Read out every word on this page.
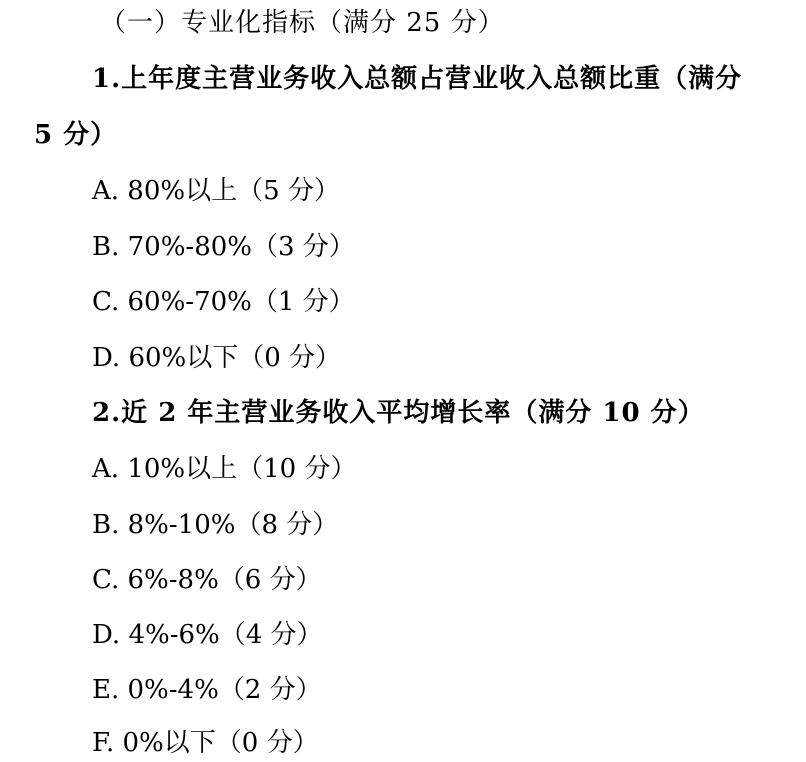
（一）专业化指标（满分 25 分）
1.上年度主营业务收入总额占营业收入总额比重（满分
5 分）
A. 80%以上（5 分）
B. 70%-80%（3 分）
C. 60%-70%（1 分）
D. 60%以下（0 分）
2.近 2 年主营业务收入平均增长率（满分 10 分）
A. 10%以上（10 分）
B. 8%-10%（8 分）
C. 6%-8%（6 分）
D. 4%-6%（4 分）
E. 0%-4%（2 分）
F. 0%以下（0 分）
